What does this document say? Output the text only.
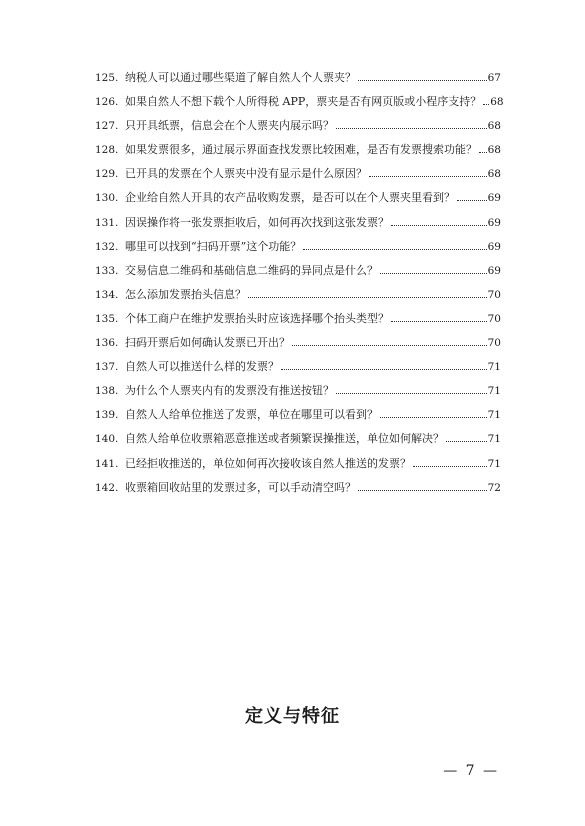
125. 纳税人可以通过哪些渠道了解自然人个人票夹？	67
126. 如果自然人不想下载个人所得税 APP，票夹是否有网页版或小程序支持？ 68
127. 只开具纸票，信息会在个人票夹内展示吗？	68
128. 如果发票很多，通过展示界面查找发票比较困难，是否有发票搜索功能？ 68
129. 已开具的发票在个人票夹中没有显示是什么原因？	68
130. 企业给自然人开具的农产品收购发票，是否可以在个人票夹里看到？	69
131. 因误操作将一张发票拒收后，如何再次找到这张发票？	69
132. 哪里可以找到“扫码开票”这个功能？	69
133. 交易信息二维码和基础信息二维码的异同点是什么？	69
134. 怎么添加发票抬头信息？	70
135. 个体工商户在维护发票抬头时应该选择哪个抬头类型？	70
136. 扫码开票后如何确认发票已开出？	70
137. 自然人可以推送什么样的发票？	71
138. 为什么个人票夹内有的发票没有推送按钮？	71
139. 自然人人给单位推送了发票，单位在哪里可以看到？	71
140. 自然人给单位收票箱恶意推送或者频繁误操推送，单位如何解决？	71
141. 已经拒收推送的，单位如何再次接收该自然人推送的发票？	71
142. 收票箱回收站里的发票过多，可以手动清空吗？	72
定义与特征
— 7 —
